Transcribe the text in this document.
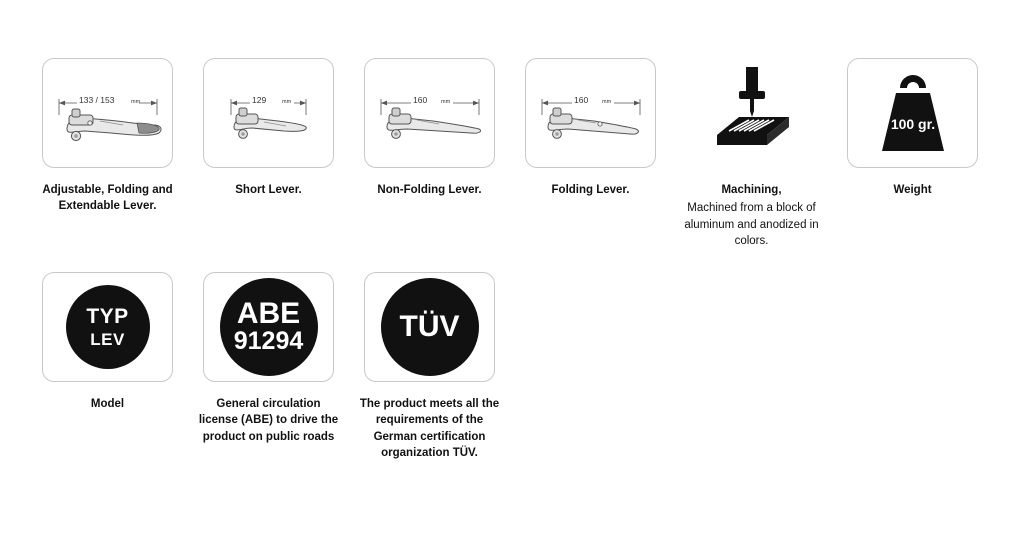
133 / 153	mm
Adjustable, Folding and Extendable Lever.
129	mm
Short Lever.
160	mm
Non-Folding Lever.
160	mm
Folding Lever.	Machining,
Machined from a block of aluminum and anodized in colors.
100 gr.
Weight
TYP
LEV
Model
ABE
91294
General circulation license (ABE) to drive the product on public roads
TÜV
The product meets all the requirements of the German certification organization TÜV.
